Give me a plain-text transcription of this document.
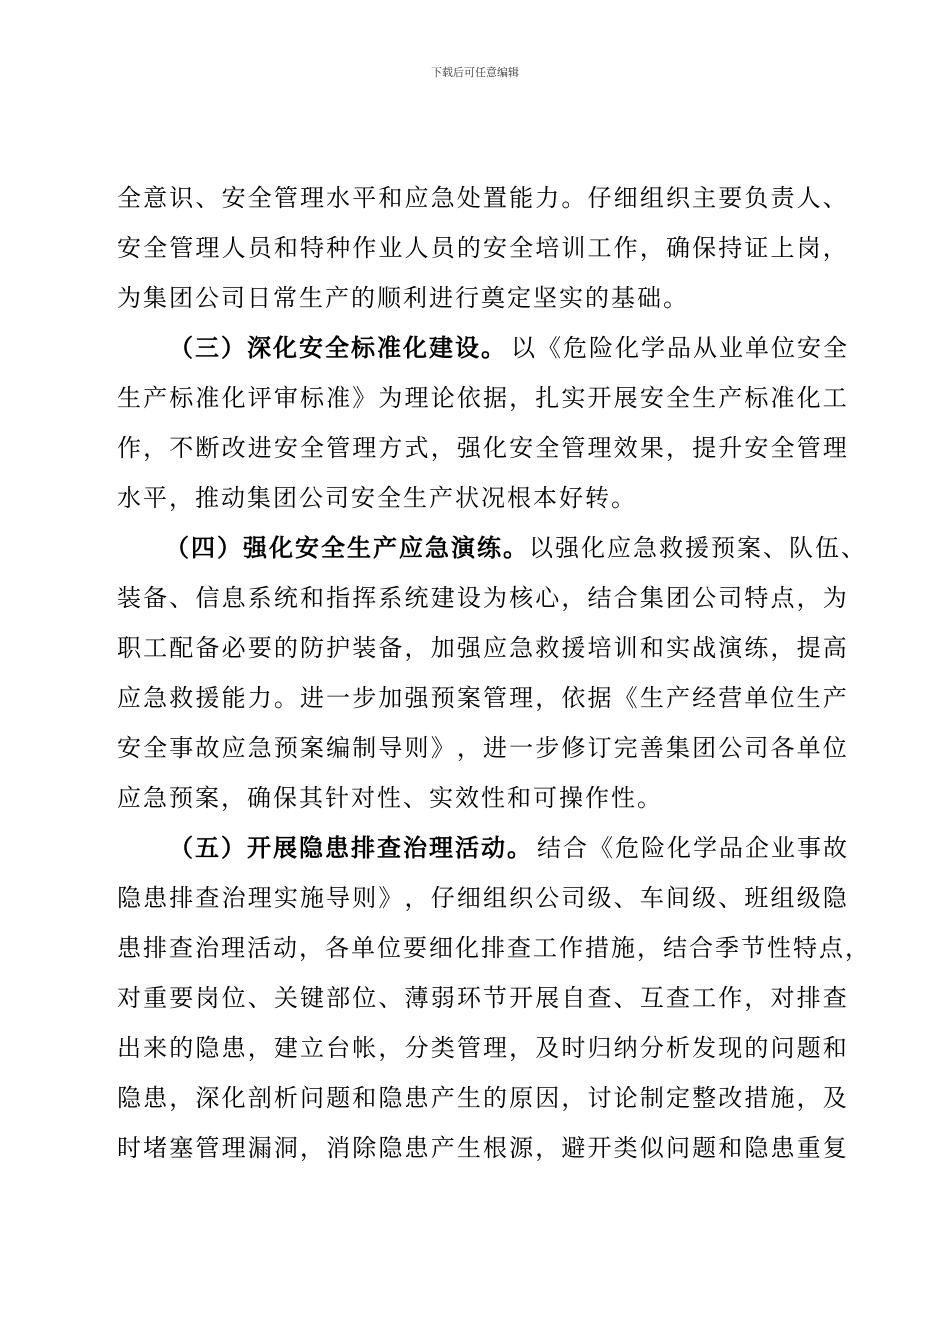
下载后可任意编辑
全 意 识 、 安 全 管 理 水 平 和 应 急 处 置 能 力 。 仔 细 组 织 主 要 负 责 人 、
安 全 管 理 人 员 和 特 种 作 业 人 员 的 安 全 培 训 工 作 ， 确 保 持 证 上 岗 ，
为集团公司日常生产的顺利进行奠定坚实的基础。
（三）深化安全标准化建设。 以《危险化学品从业单位安全
生 产 标 准 化 评 审 标 准 》 为 理 论 依 据 ， 扎 实 开 展 安 全 生 产 标 准 化 工
作 ， 不 断 改 进 安 全 管 理 方 式 ， 强 化 安 全 管 理 效 果 ， 提 升 安 全 管 理
水平，推动集团公司安全生产状况根本好转。
（四）强化安全生产应急演练。 以强化应急救援预案、队伍、
装 备 、 信 息 系 统 和 指 挥 系 统 建 设 为 核 心 ， 结 合 集 团 公 司 特 点 ， 为
职 工 配 备 必 要 的 防 护 装 备 ， 加 强 应 急 救 援 培 训 和 实 战 演 练 ， 提 高
应 急 救 援 能 力 。 进 一 步 加 强 预 案 管 理 ， 依 据 《 生 产 经 营 单 位 生 产
安 全 事 故 应 急 预 案 编 制 导 则 》 ， 进 一 步 修 订 完 善 集 团 公 司 各 单 位
应急预案，确保其针对性、实效性和可操作性。
（五）开展隐患排查治理活动。 结合《危险化学品企业事故
隐 患 排 查 治 理 实 施 导 则 》 ， 仔 细 组 织 公 司 级 、 车 间 级 、 班 组 级 隐
患 排 查 治 理 活 动 ， 各 单 位 要 细 化 排 查 工 作 措 施 ， 结 合 季 节 性 特 点 ，
对 重 要 岗 位 、 关 键 部 位 、 薄 弱 环 节 开 展 自 查 、 互 查 工 作 ， 对 排 查
出 来 的 隐 患 ， 建 立 台 帐 ， 分 类 管 理 ， 及 时 归 纳 分 析 发 现 的 问 题 和
隐 患 ， 深 化 剖 析 问 题 和 隐 患 产 生 的 原 因 ， 讨 论 制 定 整 改 措 施 ， 及
时 堵 塞 管 理 漏 洞 ， 消 除 隐 患 产 生 根 源 ， 避 开 类 似 问 题 和 隐 患 重 复
